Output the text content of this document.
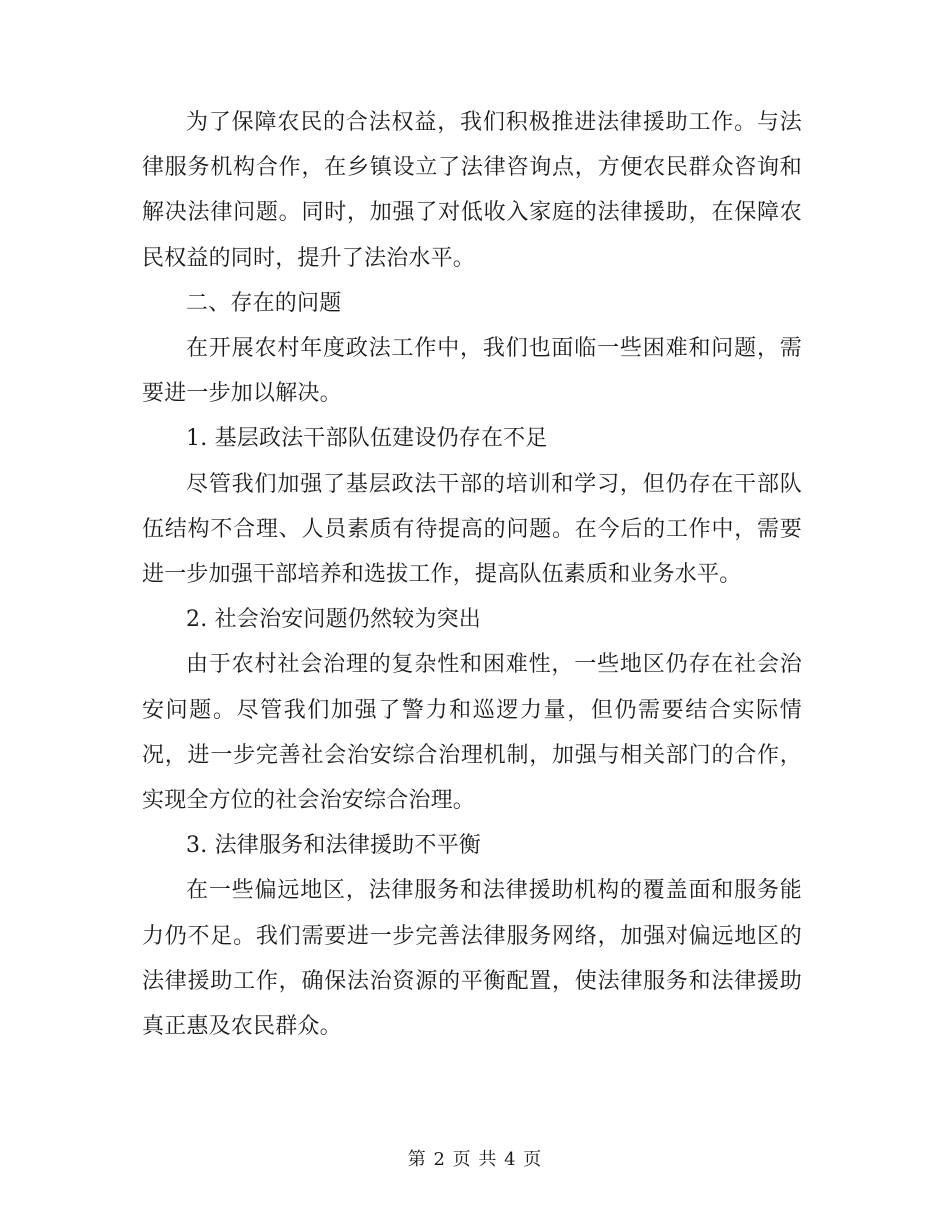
为了保障农民的合法权益，我们积极推进法律援助工作。与法律服务机构合作，在乡镇设立了法律咨询点，方便农民群众咨询和解决法律问题。同时，加强了对低收入家庭的法律援助，在保障农民权益的同时，提升了法治水平。

二、存在的问题

在开展农村年度政法工作中，我们也面临一些困难和问题，需要进一步加以解决。

1. 基层政法干部队伍建设仍存在不足

尽管我们加强了基层政法干部的培训和学习，但仍存在干部队伍结构不合理、人员素质有待提高的问题。在今后的工作中，需要进一步加强干部培养和选拔工作，提高队伍素质和业务水平。

2. 社会治安问题仍然较为突出

由于农村社会治理的复杂性和困难性，一些地区仍存在社会治安问题。尽管我们加强了警力和巡逻力量，但仍需要结合实际情况，进一步完善社会治安综合治理机制，加强与相关部门的合作，实现全方位的社会治安综合治理。

3. 法律服务和法律援助不平衡

在一些偏远地区，法律服务和法律援助机构的覆盖面和服务能力仍不足。我们需要进一步完善法律服务网络，加强对偏远地区的法律援助工作，确保法治资源的平衡配置，使法律服务和法律援助真正惠及农民群众。

第 2 页 共 4 页
